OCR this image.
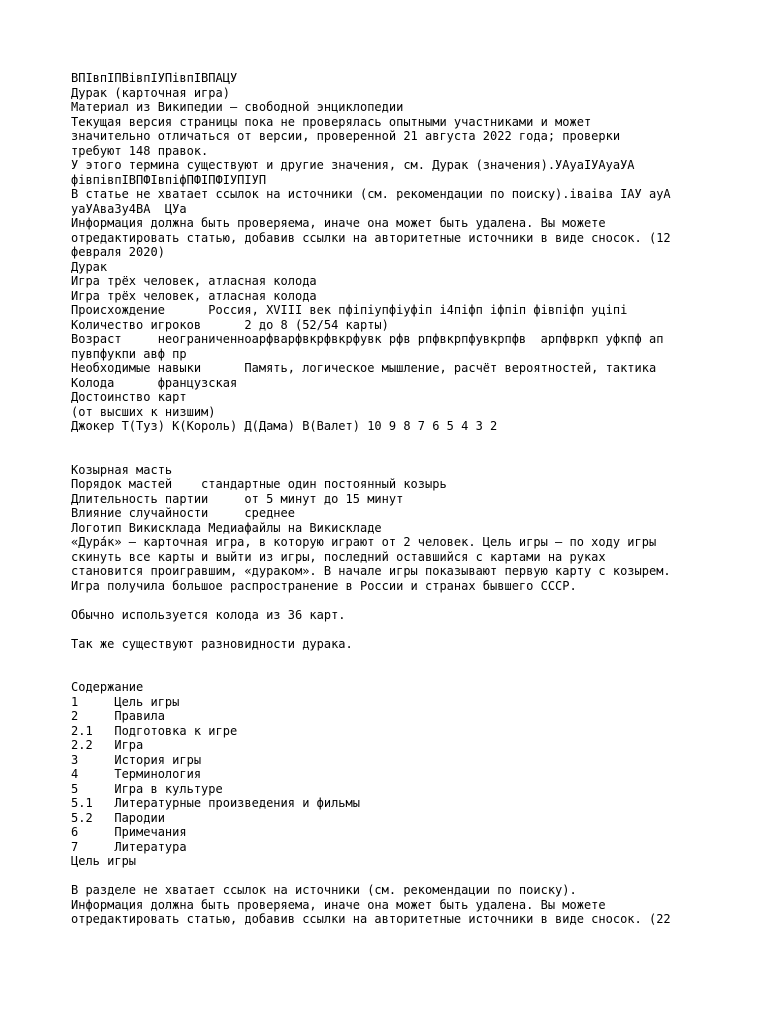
ВПІвпІПВівпІУПівпІВПАЦУ
Дурак (карточная игра)
Материал из Википедии — свободной энциклопедии
Текущая версия страницы пока не проверялась опытными участниками и может
значительно отличаться от версии, проверенной 21 августа 2022 года; проверки
требуют 148 правок.
У этого термина существуют и другие значения, см. Дурак (значения).УАуаІУАуаУА
фівпівпІВПФІвпіфПФІПФІУПІУП
В статье не хватает ссылок на источники (см. рекомендации по поиску).іваіва ІАУ ауА
уаУАва3у4ВА  ЦУа
Информация должна быть проверяема, иначе она может быть удалена. Вы можете
отредактировать статью, добавив ссылки на авторитетные источники в виде сносок. (12
февраля 2020)
Дурак
Игра трёх человек, атласная колода
Игра трёх человек, атласная колода
Происхождение      Россия, XVIII век пфіпіупфіуфіп і4піфп іфпіп фівпіфп уціпі
Количество игроков      2 до 8 (52/54 карты)
Возраст     неограниченноарфварфвкрфвкрфувк рфв рпфвкрпфувкрпфв  арпфвркп уфкпф ап
пувпфукпи авф пр
Необходимые навыки      Память, логическое мышление, расчёт вероятностей, тактика
Колода      французская
Достоинство карт
(от высших к низшим)
Джокер Т(Туз) К(Король) Д(Дама) В(Валет) 10 9 8 7 6 5 4 3 2
Козырная масть
Порядок мастей    стандартные один постоянный козырь
Длительность партии     от 5 минут до 15 минут
Влияние случайности     среднее
Логотип Викисклада Медиафайлы на Викискладе
«Дура́к» — карточная игра, в которую играют от 2 человек. Цель игры — по ходу игры
скинуть все карты и выйти из игры, последний оставшийся с картами на руках
становится проигравшим, «дураком». В начале игры показывают первую карту с козырем.
Игра получила большое распространение в России и странах бывшего СССР.
Обычно используется колода из 36 карт.
Так же существуют разновидности дурака.
Содержание
1     Цель игры
2     Правила
2.1   Подготовка к игре
2.2   Игра
3     История игры
4     Терминология
5     Игра в культуре
5.1   Литературные произведения и фильмы
5.2   Пародии
6     Примечания
7     Литература
Цель игры
В разделе не хватает ссылок на источники (см. рекомендации по поиску).
Информация должна быть проверяема, иначе она может быть удалена. Вы можете
отредактировать статью, добавив ссылки на авторитетные источники в виде сносок. (22
